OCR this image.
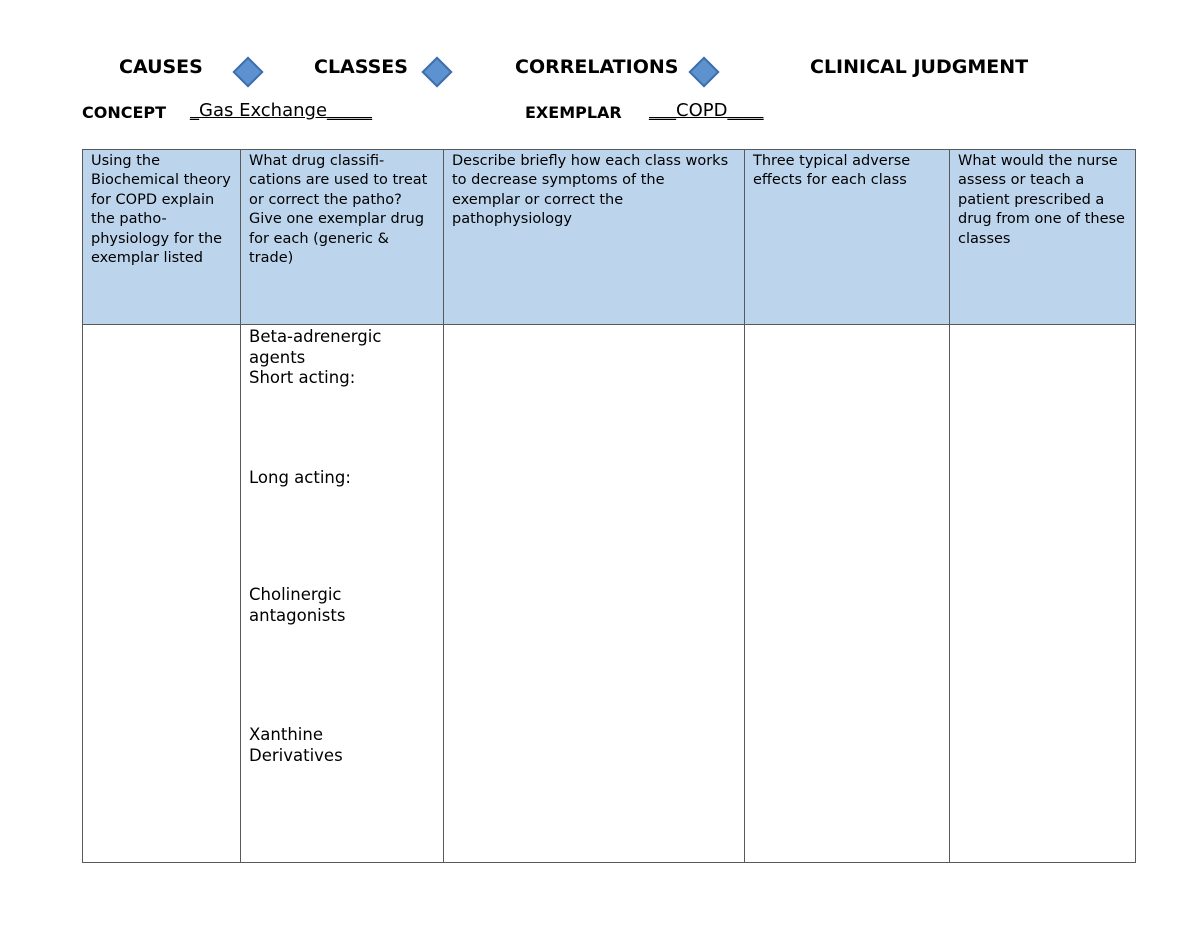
CAUSES	CLASSES	CORRELATIONS	CLINICAL JUDGMENT
CONCEPT _Gas Exchange_____	EXEMPLAR ___COPD____
Using the Biochemical theory for COPD explain the patho-physiology for the exemplar listed	What drug classifi-cations are used to treat or correct the patho? Give one exemplar drug for each (generic & trade)	Describe briefly how each class works to decrease symptoms of the exemplar or correct the pathophysiology	Three typical adverse effects for each class	What would the nurse assess or teach a patient prescribed a drug from one of these classes

	Beta-adrenergic agents
Short acting:
Long acting:
Cholinergic antagonists
Xanthine Derivatives			
